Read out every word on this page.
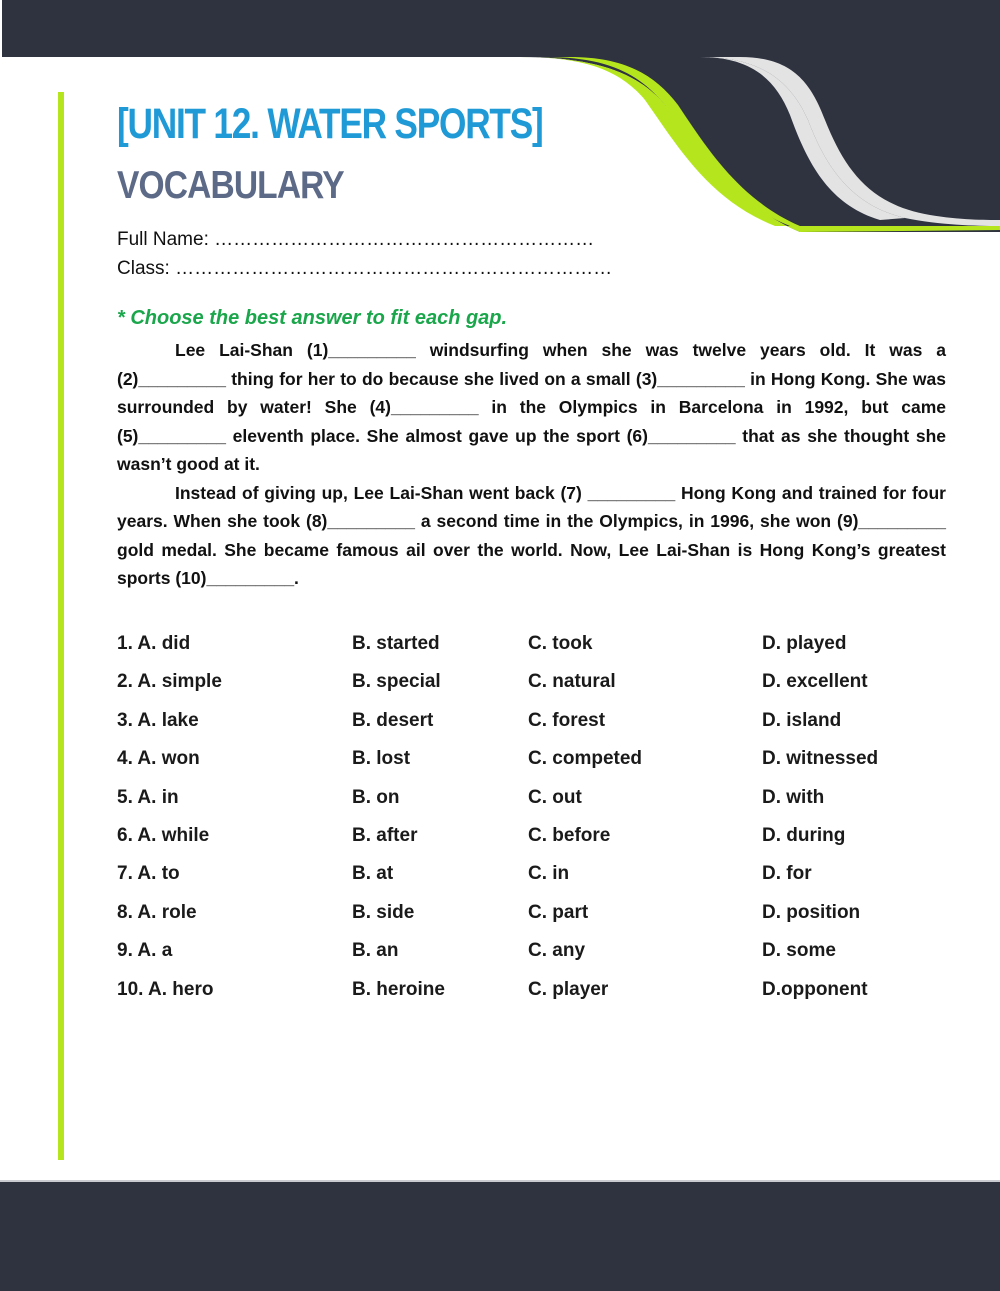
[UNIT 12. WATER SPORTS]
VOCABULARY
Full Name: ……………………………………………………
Class: ……………………………………………………………

* Choose the best answer to fit each gap.

Lee Lai-Shan (1)_________ windsurfing when she was twelve years old. It was a (2)_________ thing for her to do because she lived on a small (3)_________ in Hong Kong. She was surrounded by water! She (4)_________ in the Olympics in Barcelona in 1992, but came (5)_________ eleventh place. She almost gave up the sport (6)_________ that as she thought she wasn’t good at it.

Instead of giving up, Lee Lai-Shan went back (7) _________ Hong Kong and trained for four years. When she took (8)_________ a second time in the Olympics, in 1996, she won (9)_________ gold medal. She became famous ail over the world. Now, Lee Lai-Shan is Hong Kong’s greatest sports (10)_________.

1. A. did	B. started	C. took	D. played
2. A. simple	B. special	C. natural	D. excellent
3. A. lake	B. desert	C. forest	D. island
4. A. won	B. lost	C. competed	D. witnessed
5. A. in	B. on	C. out	D. with
6. A. while	B. after	C. before	D. during
7. A. to	B. at	C. in	D. for
8. A. role	B. side	C. part	D. position
9. A. a	B. an	C. any	D. some
10. A. hero	B. heroine	C. player	D.opponent
